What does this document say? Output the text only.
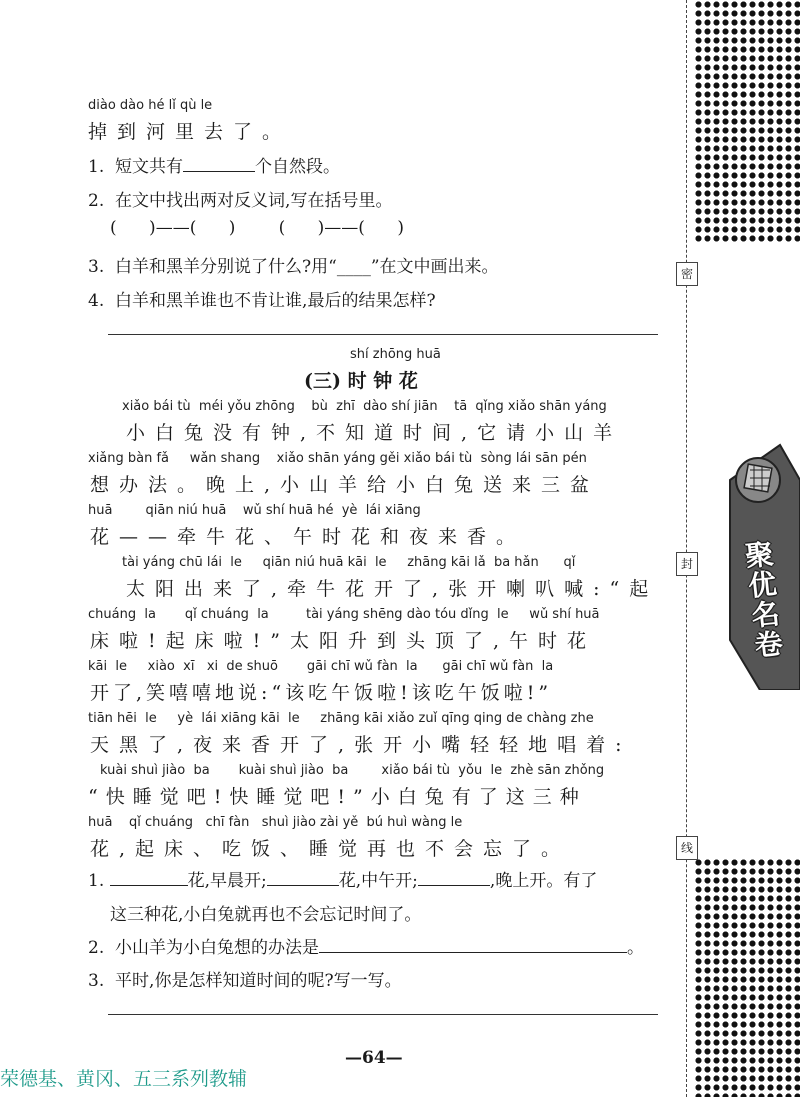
密
封
线
聚优名卷
diào dào hé lǐ qù le
掉到河里去了。
1. 短文共有	个自然段。
2. 在文中找出两对反义词,写在括号里。
(      )——(      )        (      )——(      )
3. 白羊和黑羊分别说了什么?用“____”在文中画出来。
4. 白羊和黑羊谁也不肯让谁,最后的结果怎样?
shí zhōng huā
(三) 时 钟 花
xiǎo bái tù  méi yǒu zhōng    bù  zhī  dào shí jiān    tā  qǐng xiǎo shān yáng
小白兔没有钟,不知道时间,它请小山羊
xiǎng bàn fǎ     wǎn shang    xiǎo shān yáng gěi xiǎo bái tù  sòng lái sān pén
想办法。晚上,小山羊给小白兔送来三盆
huā        qiān niú huā    wǔ shí huā hé  yè  lái xiāng
花——牵牛花、午时花和夜来香。
tài yáng chū lái  le     qiān niú huā kāi  le     zhāng kāi lǎ  ba hǎn      qǐ
太阳出来了,牵牛花开了,张开喇叭喊:“起
chuáng  la       qǐ chuáng  la         tài yáng shēng dào tóu dǐng  le     wǔ shí huā
床啦!起床啦!”太阳升到头顶了,午时花
kāi  le     xiào  xī   xi  de shuō       gāi chī wǔ fàn  la      gāi chī wǔ fàn  la
开了,笑嘻嘻地说:“该吃午饭啦!该吃午饭啦!”
tiān hēi  le     yè  lái xiāng kāi  le     zhāng kāi xiǎo zuǐ qīng qing de chàng zhe
天黑了,夜来香开了,张开小嘴轻轻地唱着:
kuài shuì jiào  ba       kuài shuì jiào  ba        xiǎo bái tù  yǒu  le  zhè sān zhǒng
“快睡觉吧!快睡觉吧!”小白兔有了这三种
huā    qǐ chuáng   chī fàn   shuì jiào zài yě  bú huì wàng le
花,起床、吃饭、睡觉再也不会忘了。
1.	花,早晨开;	花,中午开;	,晚上开。有了
这三种花,小白兔就再也不会忘记时间了。
2. 小山羊为小白兔想的办法是	。
3. 平时,你是怎样知道时间的呢?写一写。
—64—
荣德基、黄冈、五三系列教辅
